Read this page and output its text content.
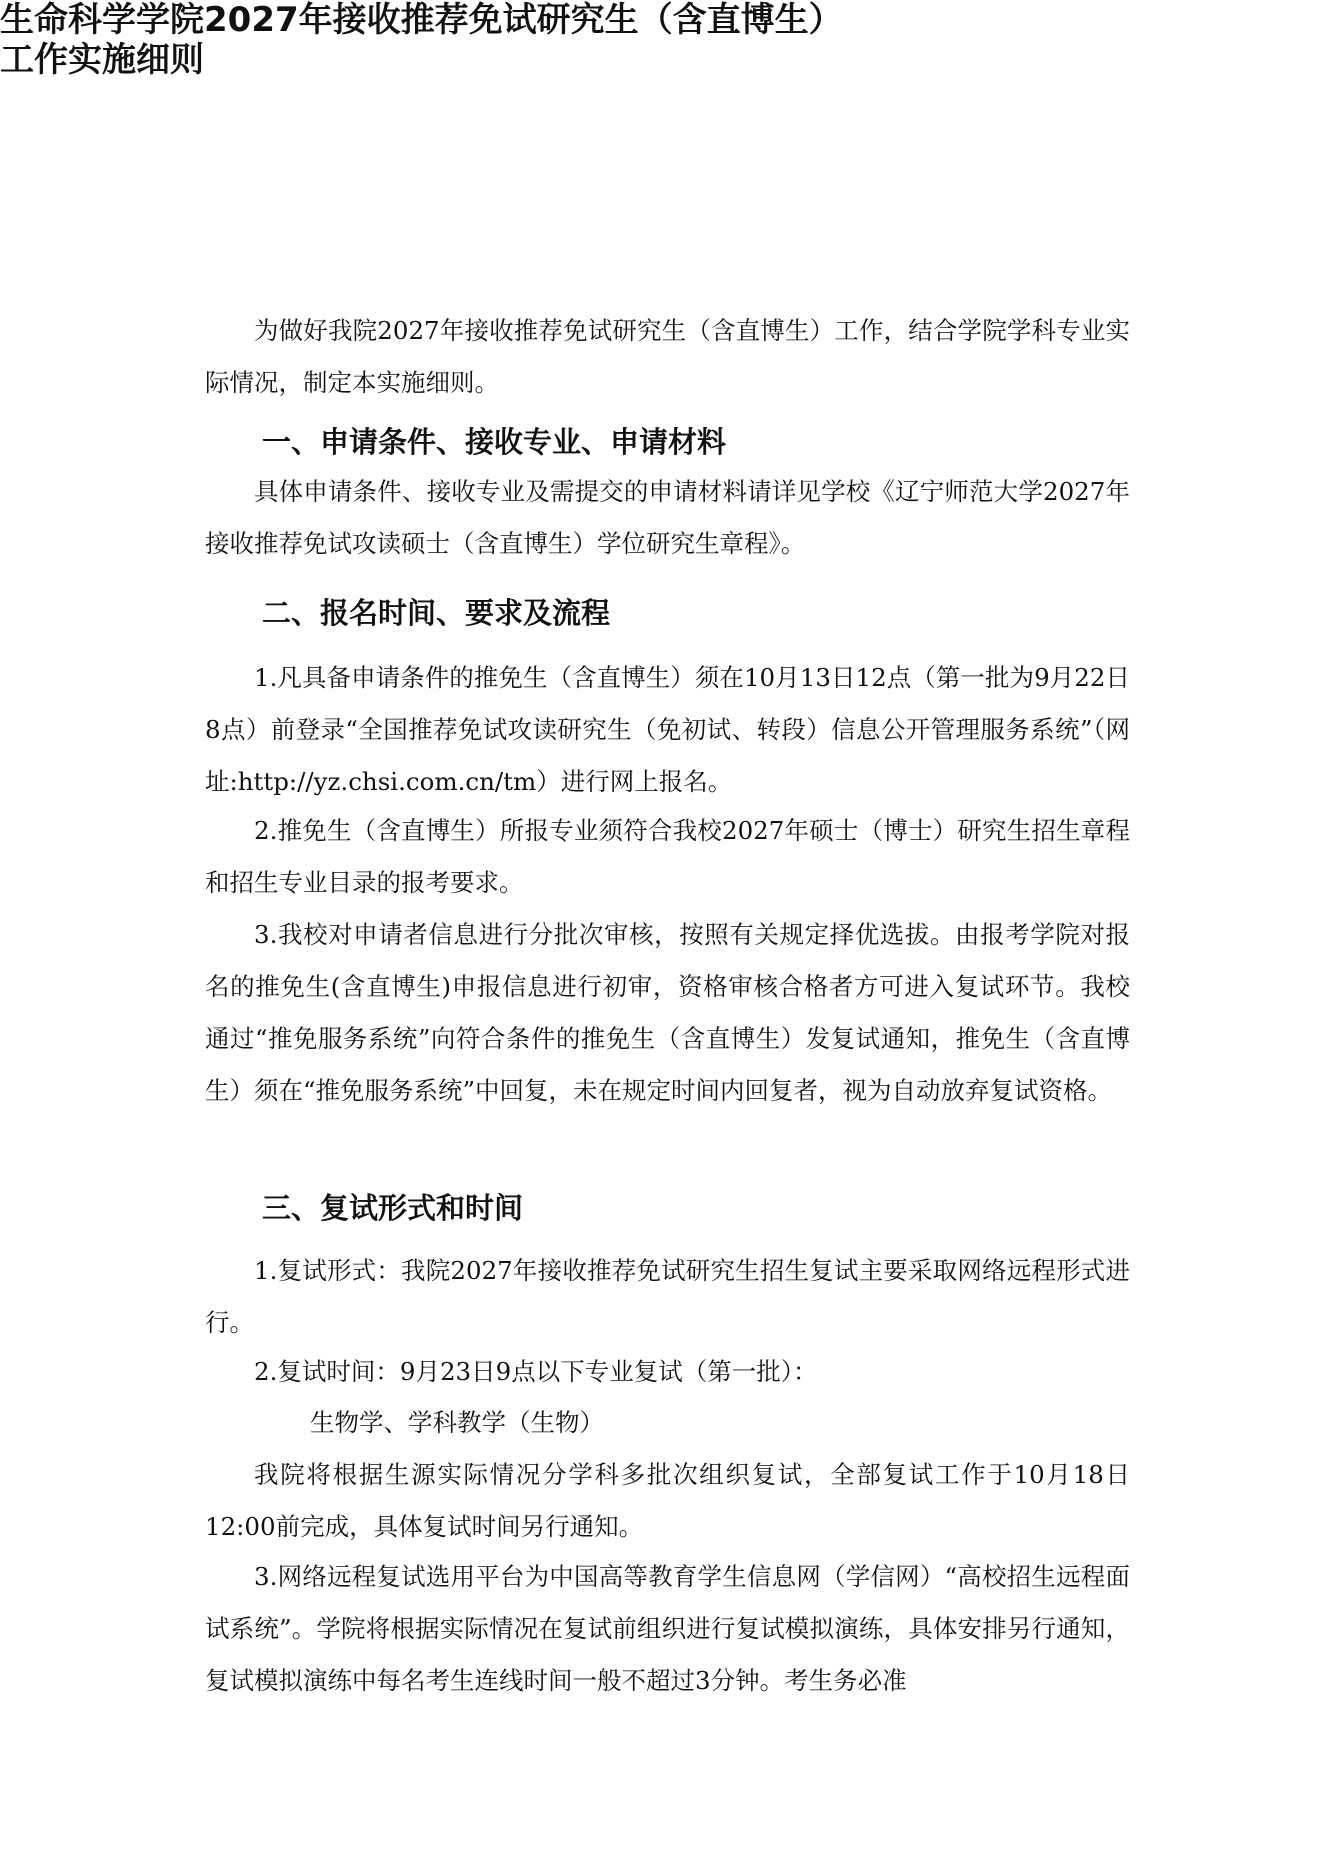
生命科学学院2027年接收推荐免试研究生（含直博生）
工作实施细则
为做好我院2027年接收推荐免试研究生（含直博生）工作，结合学院学科专业实际情况，制定本实施细则。
一、申请条件、接收专业、申请材料
具体申请条件、接收专业及需提交的申请材料请详见学校《辽宁师范大学2027年接收推荐免试攻读硕士（含直博生）学位研究生章程》。
二、报名时间、要求及流程
1.凡具备申请条件的推免生（含直博生）须在10月13日12点（第一批为9月22日8点）前登录“全国推荐免试攻读研究生（免初试、转段）信息公开管理服务系统”（网址:http://yz.chsi.com.cn/tm）进行网上报名。
2.推免生（含直博生）所报专业须符合我校2027年硕士（博士）研究生招生章程和招生专业目录的报考要求。
3.我校对申请者信息进行分批次审核，按照有关规定择优选拔。由报考学院对报名的推免生(含直博生)申报信息进行初审，资格审核合格者方可进入复试环节。我校通过“推免服务系统”向符合条件的推免生（含直博生）发复试通知，推免生（含直博生）须在“推免服务系统”中回复，未在规定时间内回复者，视为自动放弃复试资格。
三、复试形式和时间
1.复试形式：我院2027年接收推荐免试研究生招生复试主要采取网络远程形式进行。
2.复试时间：9月23日9点以下专业复试（第一批）：
生物学、学科教学（生物）
我院将根据生源实际情况分学科多批次组织复试，全部复试工作于10月18日12:00前完成，具体复试时间另行通知。
3.网络远程复试选用平台为中国高等教育学生信息网（学信网）“高校招生远程面试系统”。学院将根据实际情况在复试前组织进行复试模拟演练，具体安排另行通知，复试模拟演练中每名考生连线时间一般不超过3分钟。考生务必准
